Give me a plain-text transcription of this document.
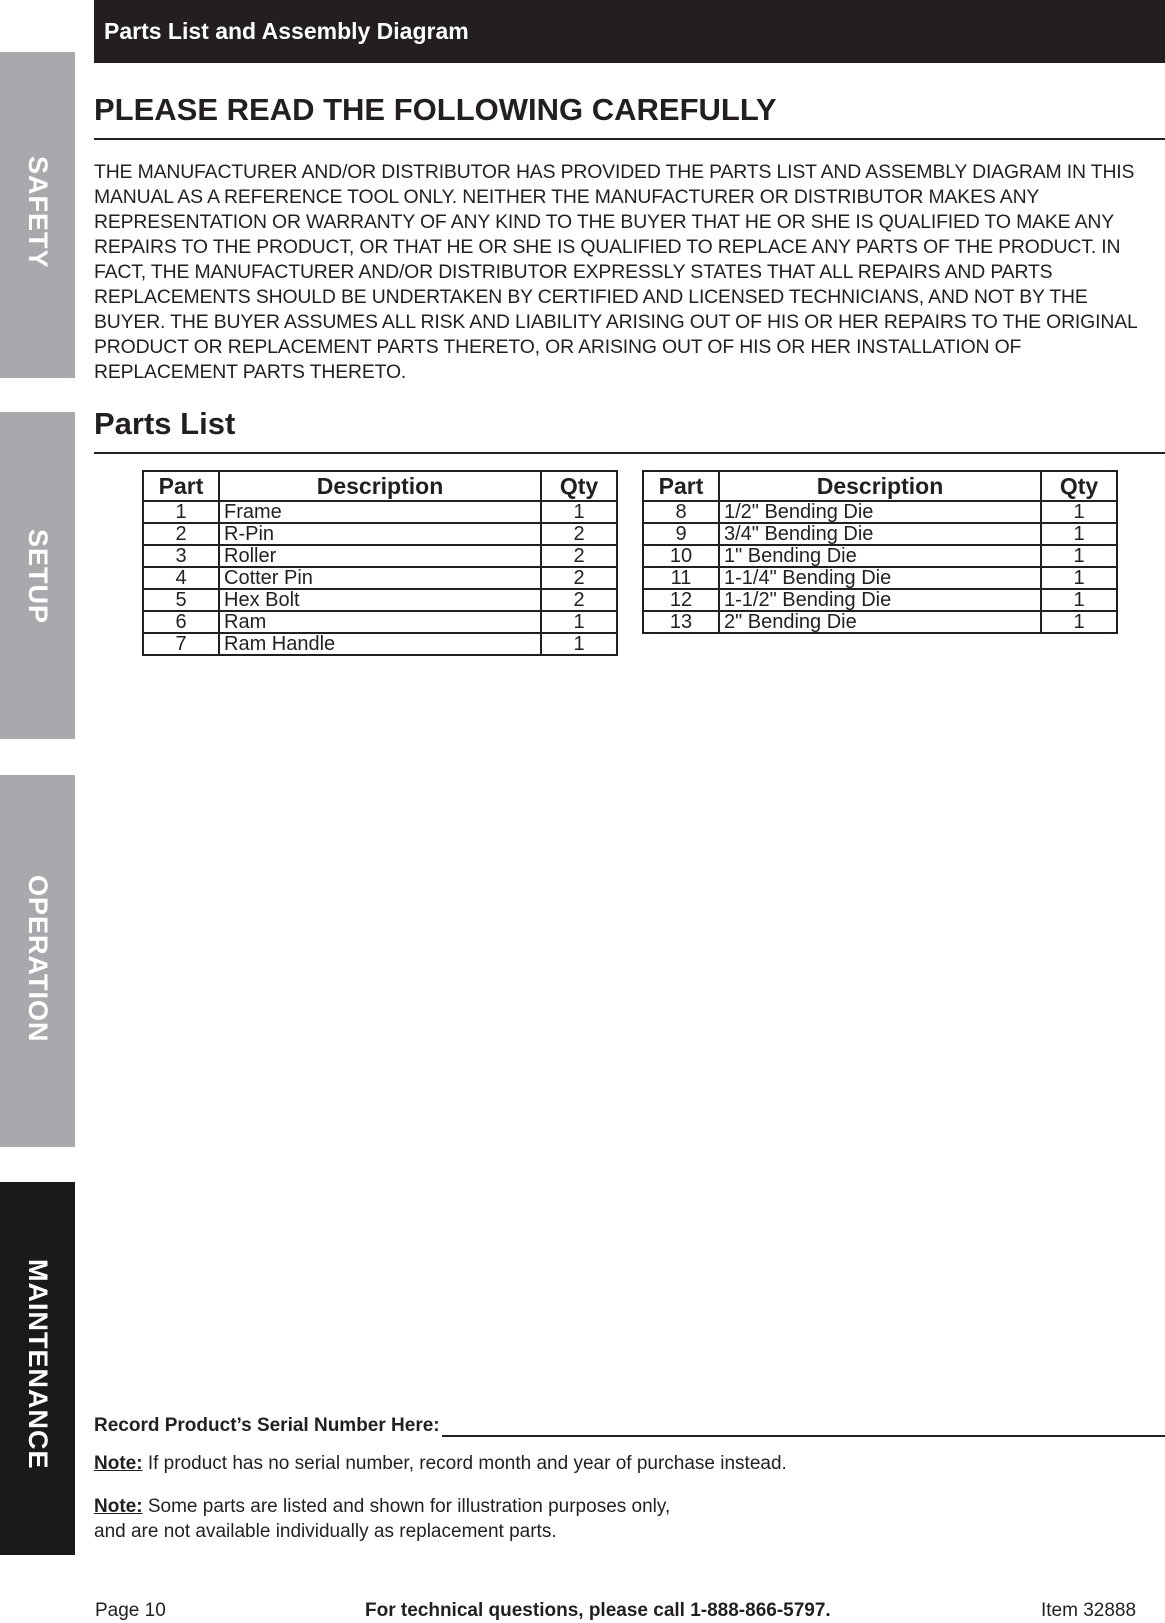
SAFETY
SETUP
OPERATION
MAINTENANCE
Parts List and Assembly Diagram
PLEASE READ THE FOLLOWING CAREFULLY

THE MANUFACTURER AND/OR DISTRIBUTOR HAS PROVIDED THE PARTS LIST AND ASSEMBLY DIAGRAM IN THIS MANUAL AS A REFERENCE TOOL ONLY. NEITHER THE MANUFACTURER OR DISTRIBUTOR MAKES ANY REPRESENTATION OR WARRANTY OF ANY KIND TO THE BUYER THAT HE OR SHE IS QUALIFIED TO MAKE ANY REPAIRS TO THE PRODUCT, OR THAT HE OR SHE IS QUALIFIED TO REPLACE ANY PARTS OF THE PRODUCT. IN FACT, THE MANUFACTURER AND/OR DISTRIBUTOR EXPRESSLY STATES THAT ALL REPAIRS AND PARTS REPLACEMENTS SHOULD BE UNDERTAKEN BY CERTIFIED AND LICENSED TECHNICIANS, AND NOT BY THE BUYER. THE BUYER ASSUMES ALL RISK AND LIABILITY ARISING OUT OF HIS OR HER REPAIRS TO THE ORIGINAL PRODUCT OR REPLACEMENT PARTS THERETO, OR ARISING OUT OF HIS OR HER INSTALLATION OF REPLACEMENT PARTS THERETO.

Parts List
Part	Description	Qty
1	Frame	1
2	R-Pin	2
3	Roller	2
4	Cotter Pin	2
5	Hex Bolt	2
6	Ram	1
7	Ram Handle	1
Part	Description	Qty
8	1/2" Bending Die	1
9	3/4" Bending Die	1
10	1" Bending Die	1
11	1-1/4" Bending Die	1
12	1-1/2" Bending Die	1
13	2" Bending Die	1
Record Product’s Serial Number Here:

Note: If product has no serial number, record month and year of purchase instead.

Note: Some parts are listed and shown for illustration purposes only,
and are not available individually as replacement parts.

Page 10	For technical questions, please call 1-888-866-5797.	Item 32888
